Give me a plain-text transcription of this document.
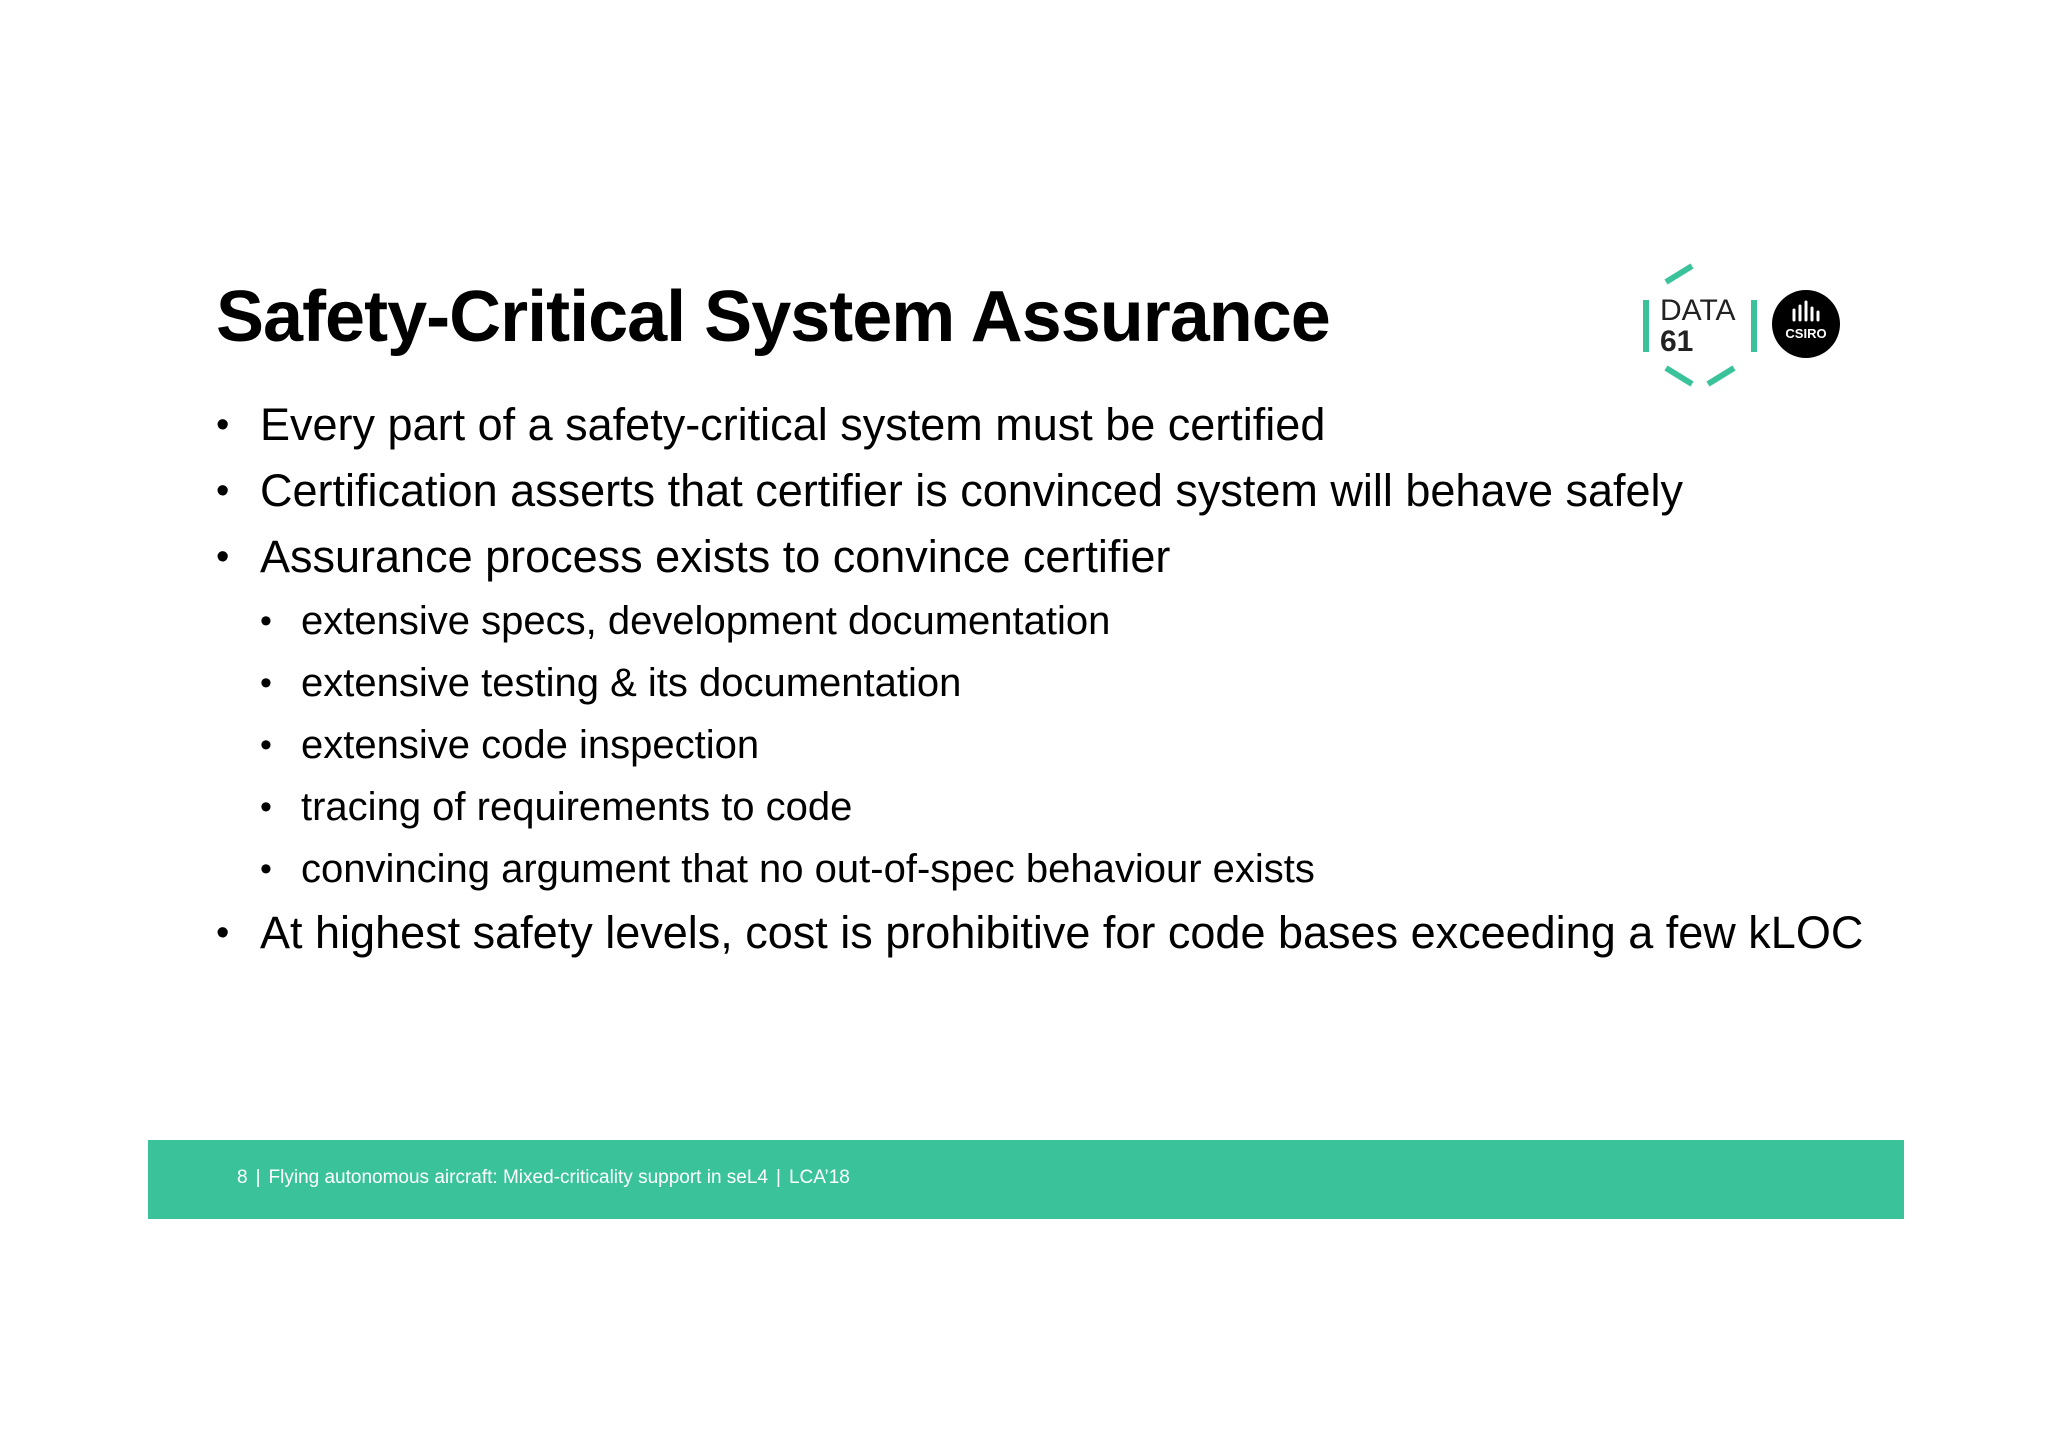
Safety-Critical System Assurance	DATA
61	CSIRO
• Every part of a safety-critical system must be certified
• Certification asserts that certifier is convinced system will behave safely
• Assurance process exists to convince certifier
• extensive specs, development documentation
• extensive testing & its documentation
• extensive code inspection
• tracing of requirements to code
• convincing argument that no out-of-spec behaviour exists
• At highest safety levels, cost is prohibitive for code bases exceeding a few kLOC
8 | Flying autonomous aircraft: Mixed-criticality support in seL4 | LCA’18
